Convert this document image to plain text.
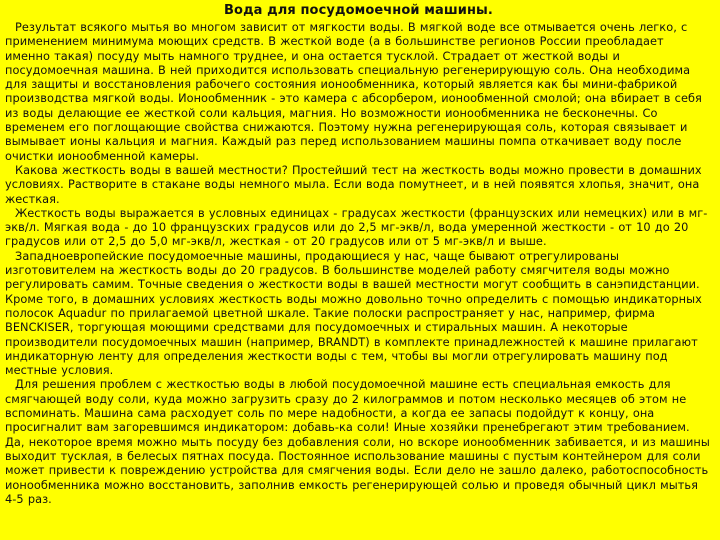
Вода для посудомоечной машины.

Результат всякого мытья во многом зависит от мягкости воды. В мягкой воде все отмывается очень легко, с применением минимума моющих средств. В жесткой воде (а в большинстве регионов России преобладает именно такая) посуду мыть намного труднее, и она остается тусклой. Страдает от жесткой воды и посудомоечная машина. В ней приходится использовать специальную регенерирующую соль. Она необходима для защиты и восстановления рабочего состояния ионообменника, который является как бы мини-фабрикой производства мягкой воды. Ионообменник - это камера с абсорбером, ионообменной смолой; она вбирает в себя из воды делающие ее жесткой соли кальция, магния. Но возможности ионообменника не бесконечны. Со временем его поглощающие свойства снижаются. Поэтому нужна регенерирующая соль, которая связывает и вымывает ионы кальция и магния. Каждый раз перед использованием машины помпа откачивает воду после очистки ионообменной камеры.

Какова жесткость воды в вашей местности? Простейший тест на жесткость воды можно провести в домашних условиях. Растворите в стакане воды немного мыла. Если вода помутнеет, и в ней появятся хлопья, значит, она жесткая.

Жесткость воды выражается в условных единицах - градусах жесткости (французских или немецких) или в мг-экв/л. Мягкая вода - до 10 французских градусов или до 2,5 мг-экв/л, вода умеренной жесткости - от 10 до 20 градусов или от 2,5 до 5,0 мг-экв/л, жесткая - от 20 градусов или от 5 мг-экв/л и выше.

Западноевропейские посудомоечные машины, продающиеся у нас, чаще бывают отрегулированы изготовителем на жесткость воды до 20 градусов. В большинстве моделей работу смягчителя воды можно регулировать самим. Точные сведения о жесткости воды в вашей местности могут сообщить в санэпидстанции. Кроме того, в домашних условиях жесткость воды можно довольно точно определить с помощью индикаторных полосок Aquadur по прилагаемой цветной шкале. Такие полоски распространяет у нас, например, фирма BENCKISER, торгующая моющими средствами для посудомоечных и стиральных машин. А некоторые производители посудомоечных машин (например, BRANDT) в комплекте принадлежностей к машине прилагают индикаторную ленту для определения жесткости воды с тем, чтобы вы могли отрегулировать машину под местные условия.

Для решения проблем с жесткостью воды в любой посудомоечной машине есть специальная емкость для смягчающей воду соли, куда можно загрузить сразу до 2 килограммов и потом несколько месяцев об этом не вспоминать. Машина сама расходует соль по мере надобности, а когда ее запасы подойдут к концу, она просигналит вам загоревшимся индикатором: добавь-ка соли! Иные хозяйки пренебрегают этим требованием. Да, некоторое время можно мыть посуду без добавления соли, но вскоре ионообменник забивается, и из машины выходит тусклая, в белесых пятнах посуда. Постоянное использование машины с пустым контейнером для соли может привести к повреждению устройства для смягчения воды. Если дело не зашло далеко, работоспособность ионообменника можно восстановить, заполнив емкость регенерирующей солью и проведя обычный цикл мытья 4-5 раз.
